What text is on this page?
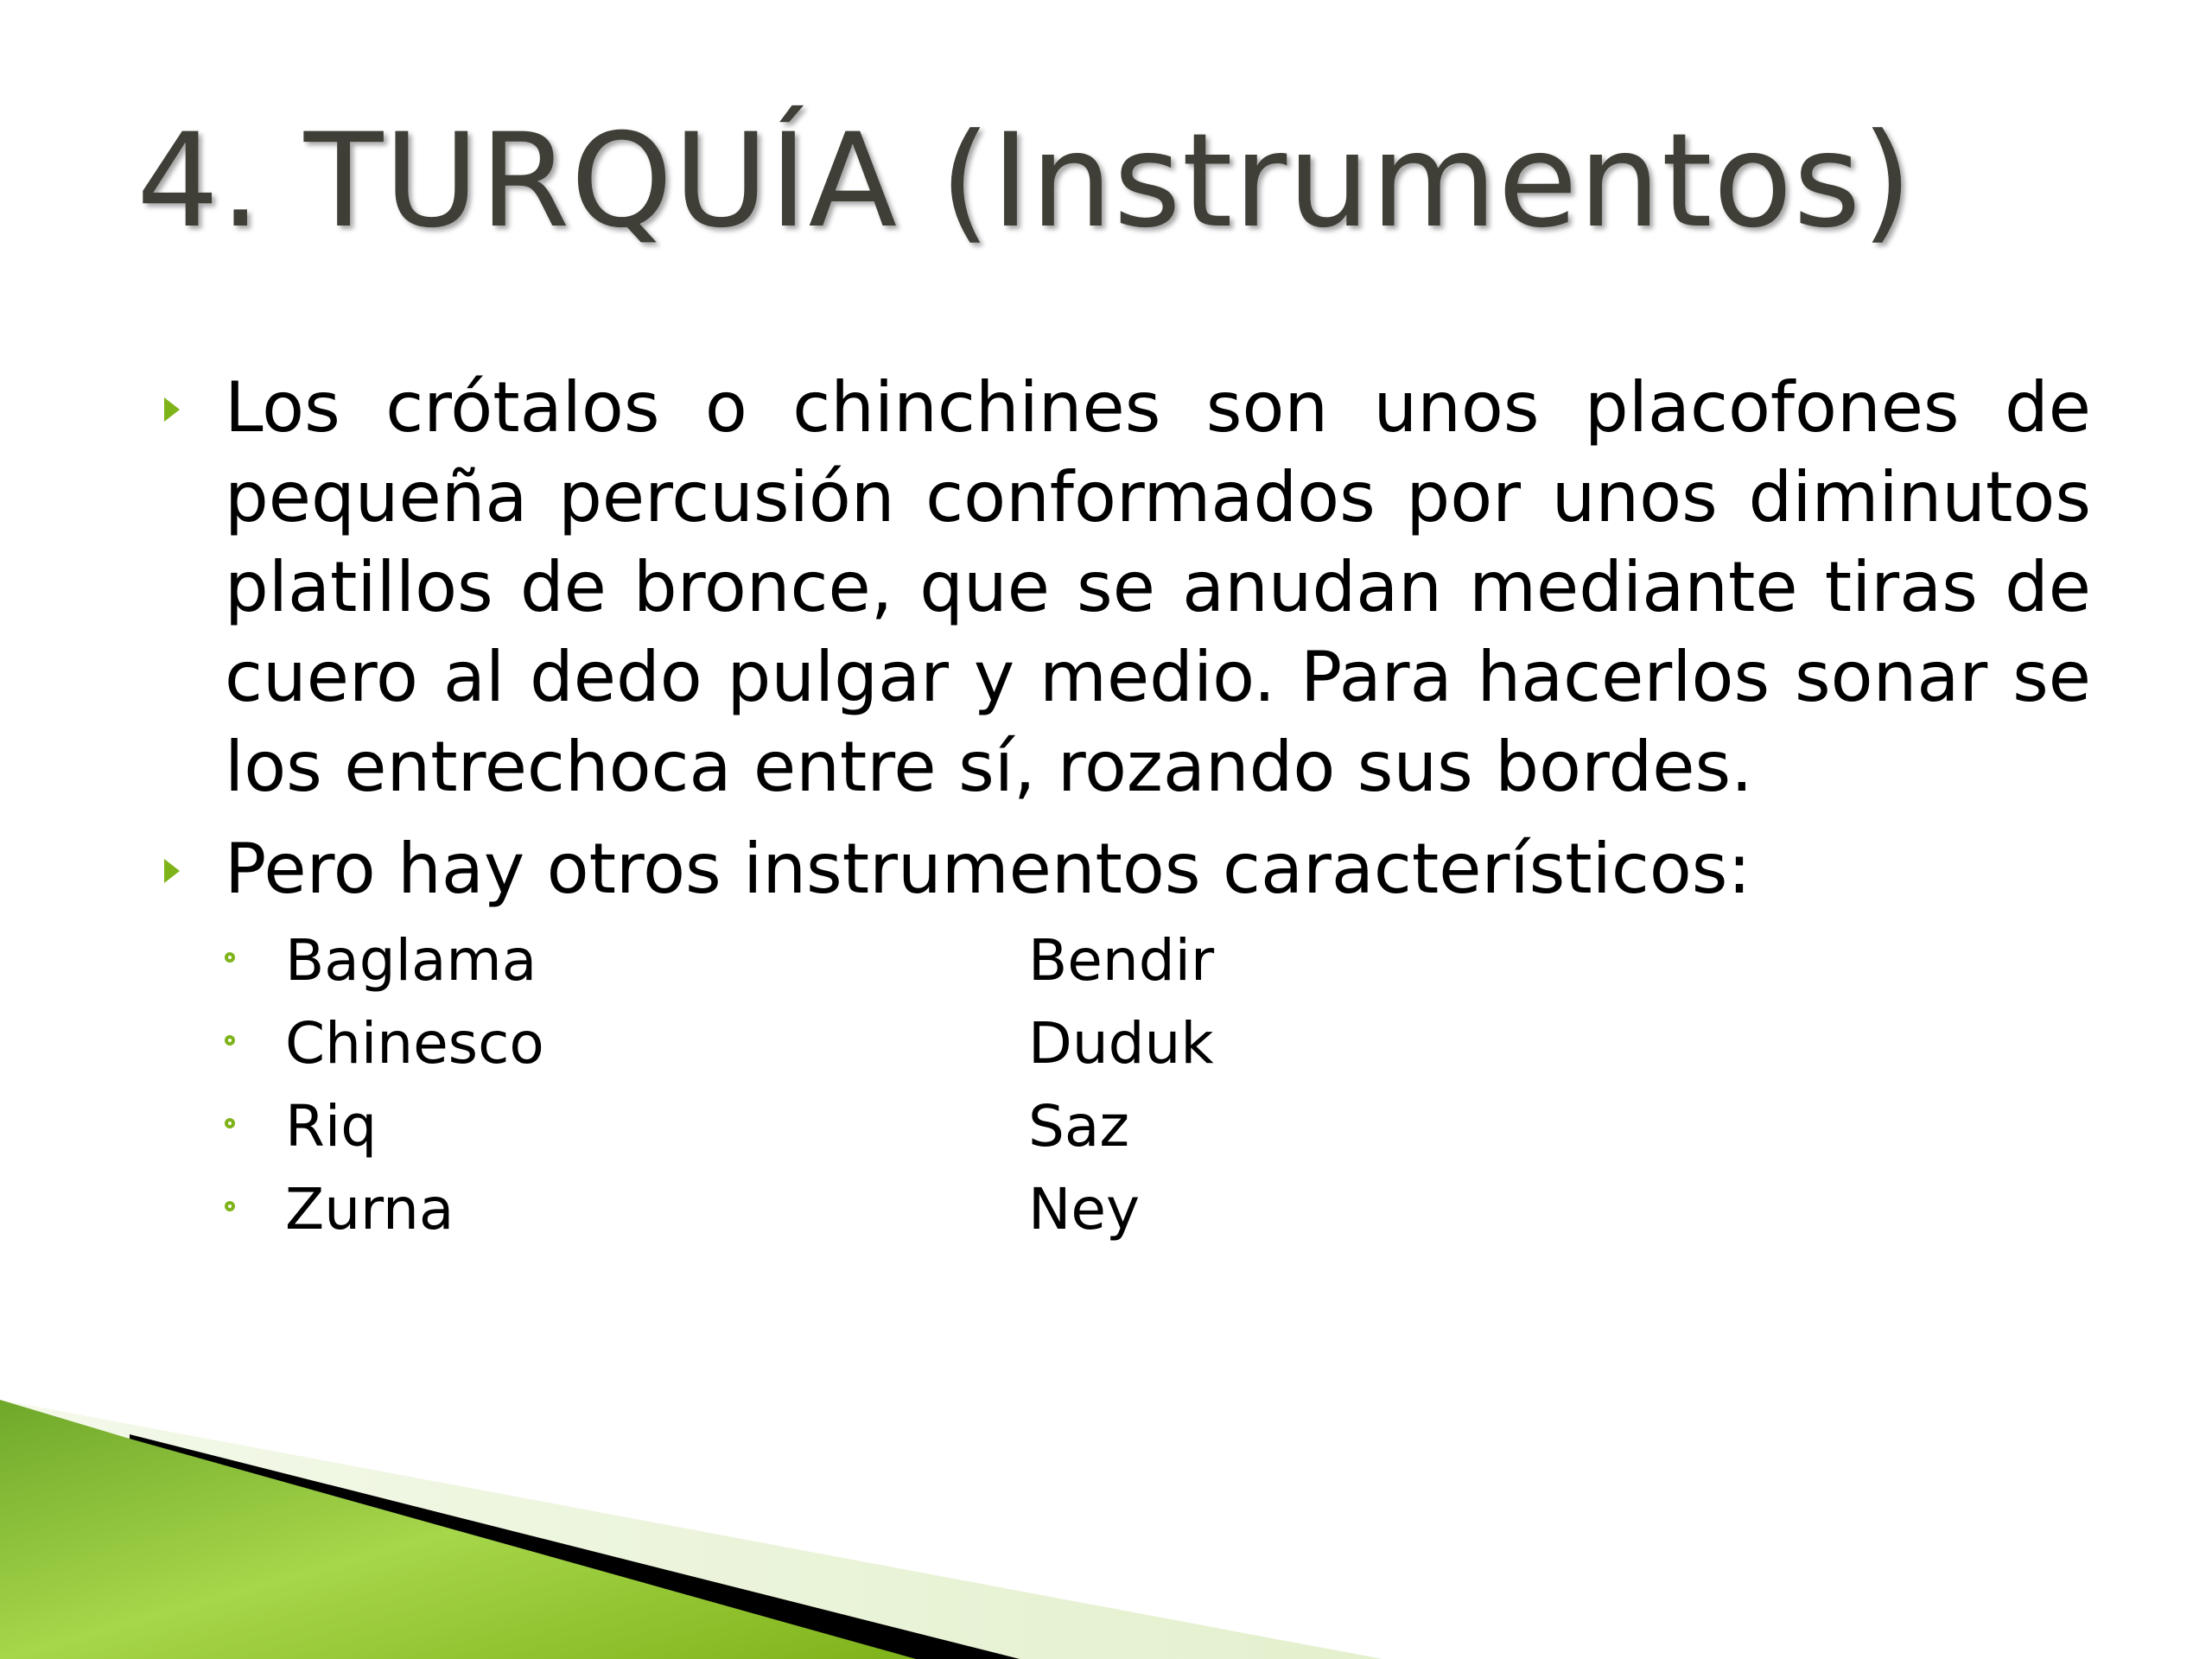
4. TURQUÍA (Instrumentos)

Los crótalos o chinchines son unos placofones de pequeña percusión conformados por unos diminutos platillos de bronce, que se anudan mediante tiras de cuero al dedo pulgar y medio. Para hacerlos sonar se los entrechoca entre sí, rozando sus bordes.

Pero hay otros instrumentos característicos:

Baglama
Chinesco
Riq
Zurna
Bendir
Duduk
Saz
Ney
